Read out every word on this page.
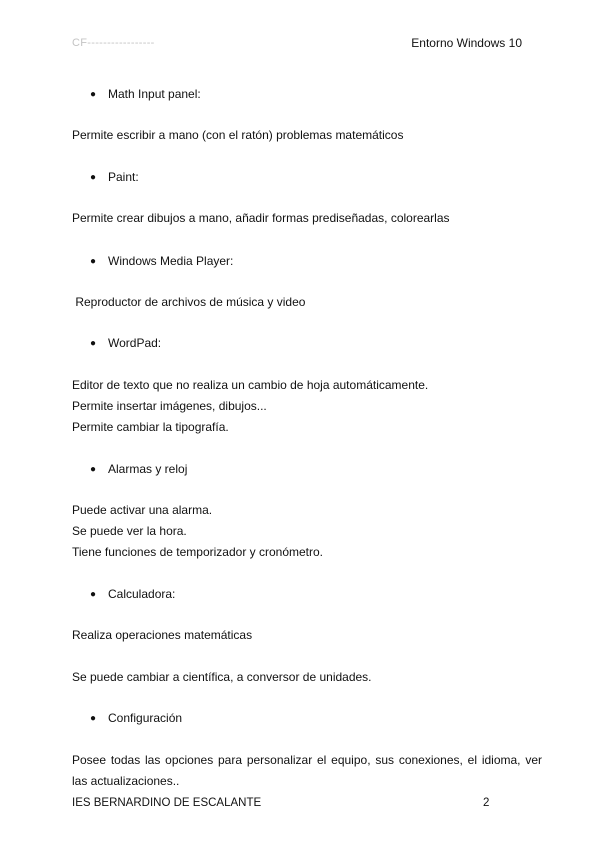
CF-----------------	Entorno Windows 10
● Math Input panel:
Permite escribir a mano (con el ratón) problemas matemáticos
● Paint:
Permite crear dibujos a mano, añadir formas prediseñadas, colorearlas
● Windows Media Player:
Reproductor de archivos de música y video
● WordPad:
Editor de texto que no realiza un cambio de hoja automáticamente.
Permite insertar imágenes, dibujos...
Permite cambiar la tipografía.
● Alarmas y reloj
Puede activar una alarma.
Se puede ver la hora.
Tiene funciones de temporizador y cronómetro.
● Calculadora:
Realiza operaciones matemáticas
Se puede cambiar a científica, a conversor de unidades.
● Configuración
Posee todas las opciones para personalizar el equipo, sus conexiones, el idioma, ver las actualizaciones..
IES BERNARDINO DE ESCALANTE	2
